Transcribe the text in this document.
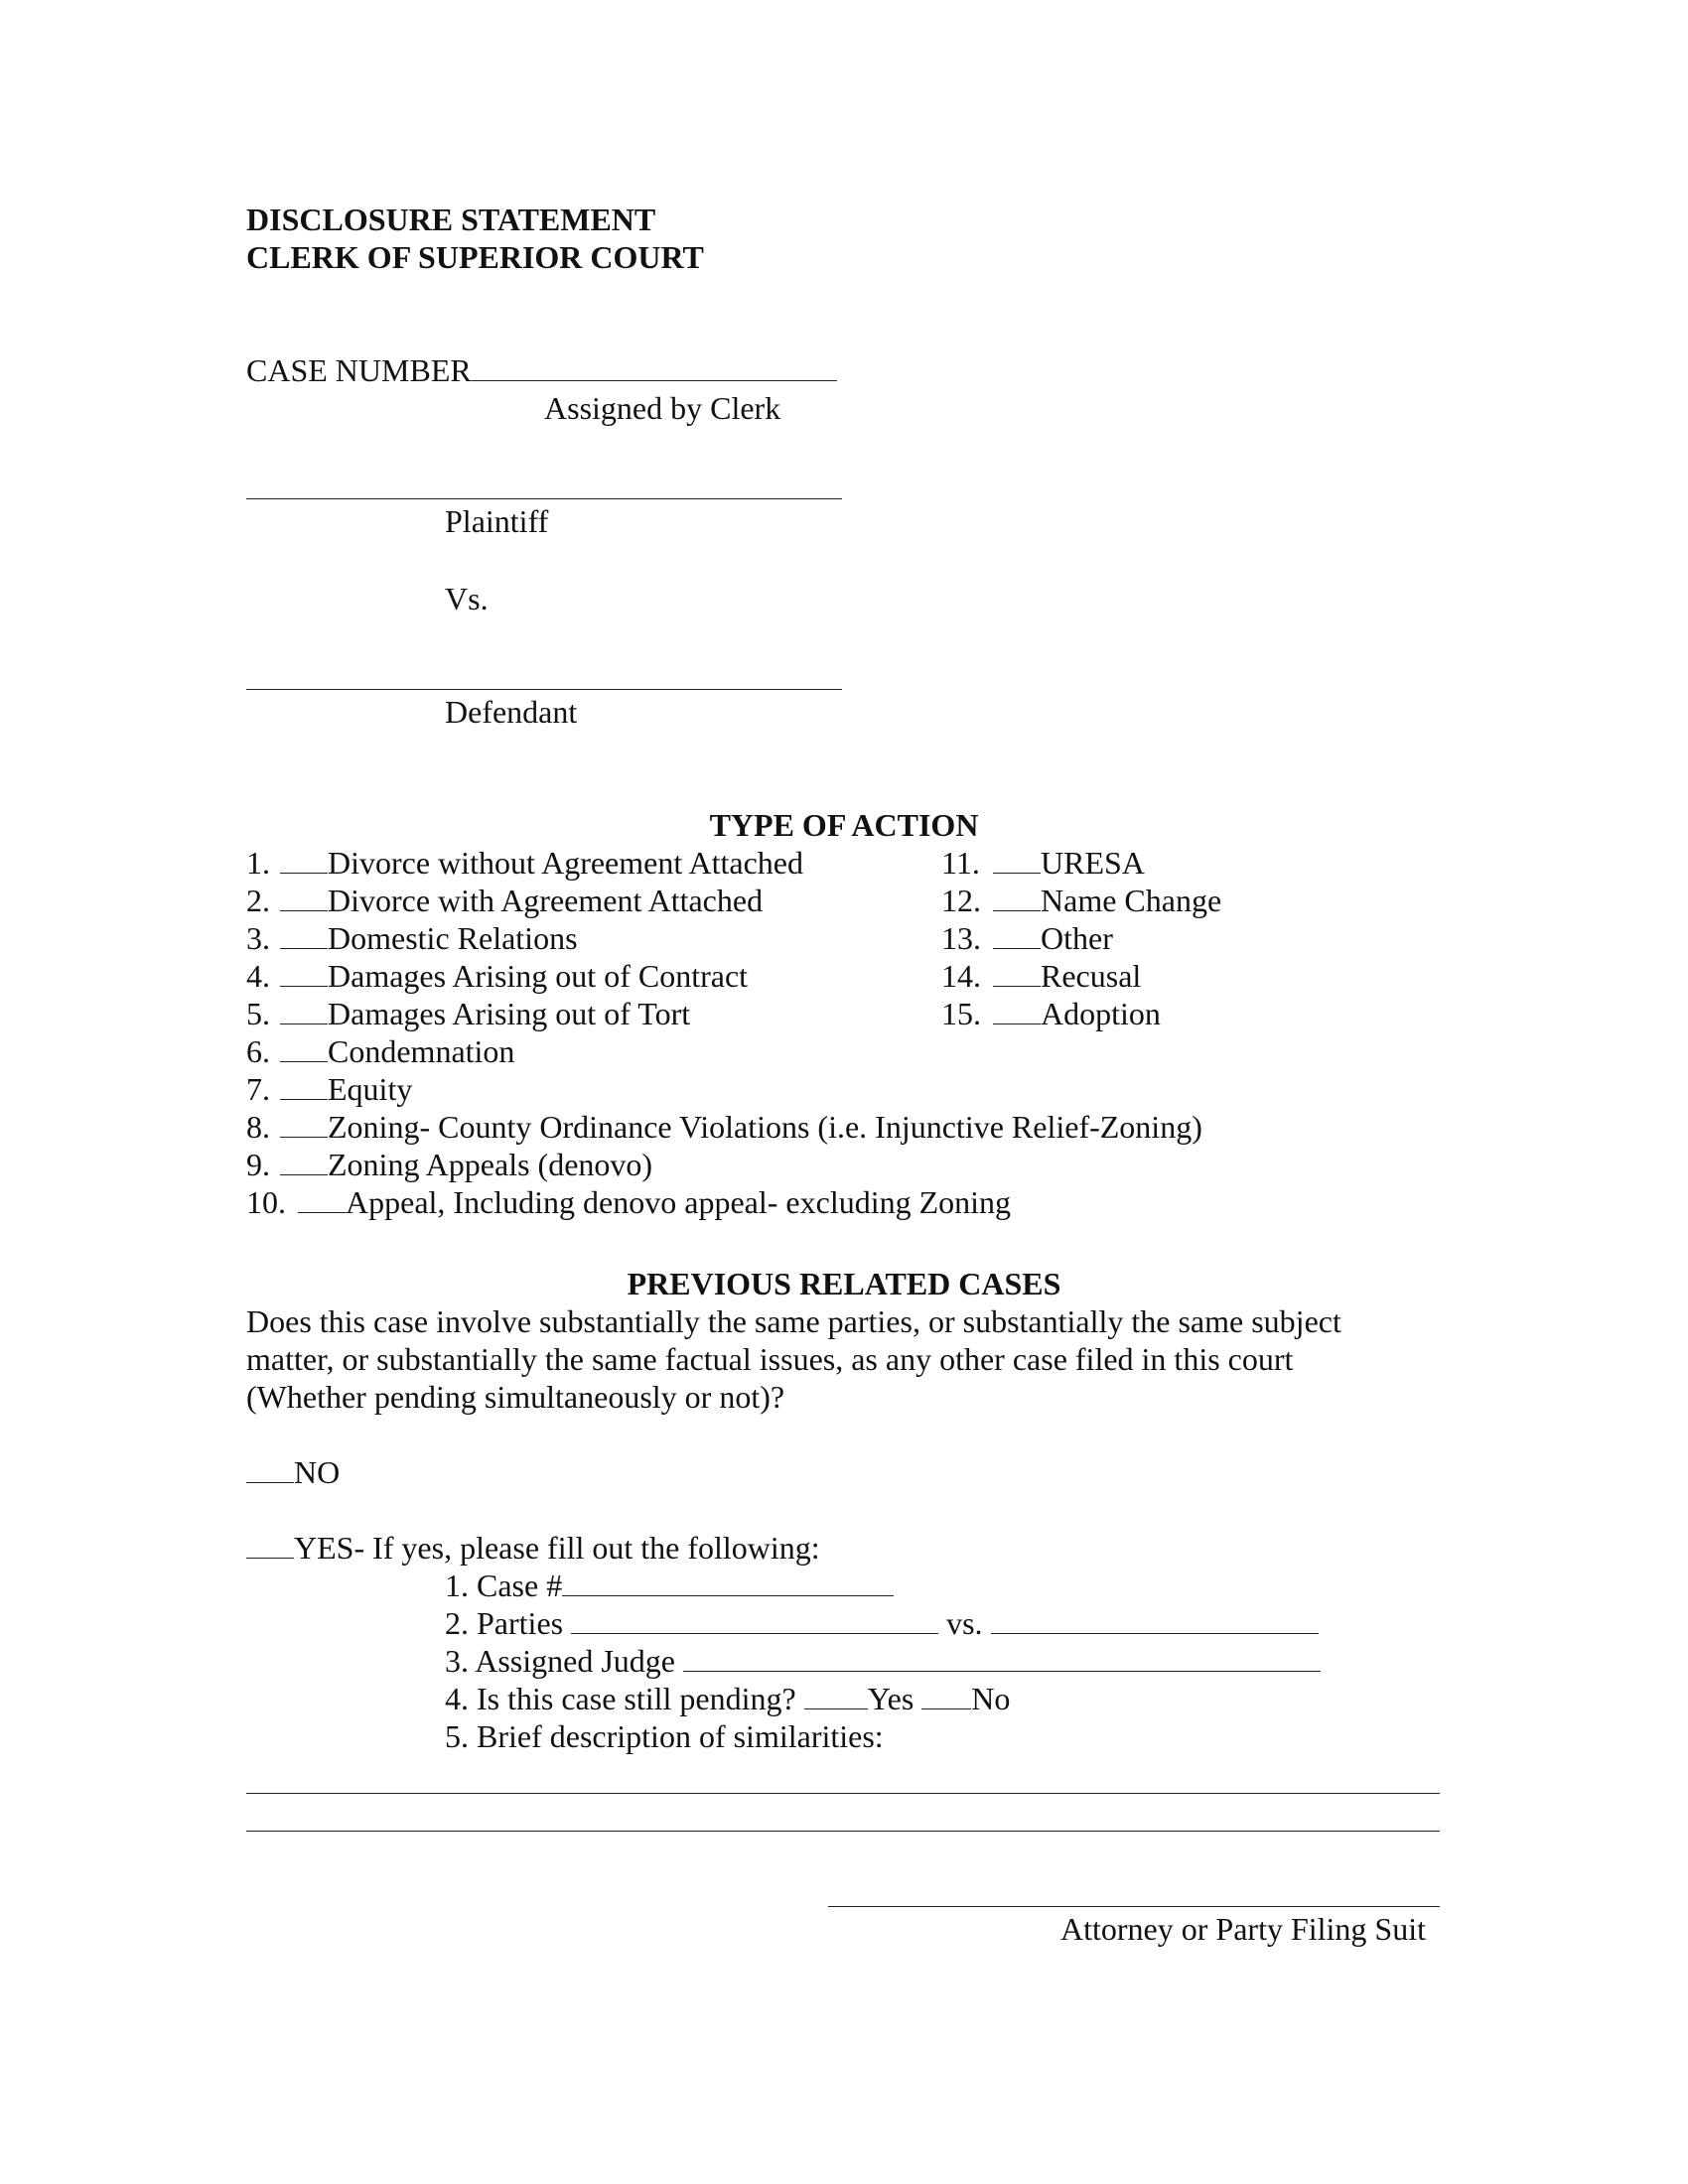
DISCLOSURE STATEMENT
CLERK OF SUPERIOR COURT
CASE NUMBER
Assigned by Clerk
Plaintiff
Vs.
Defendant
TYPE OF ACTION
1. Divorce without Agreement Attached
2. Divorce with Agreement Attached
3. Domestic Relations
4. Damages Arising out of Contract
5. Damages Arising out of Tort
6. Condemnation
7. Equity
8. Zoning- County Ordinance Violations (i.e. Injunctive Relief-Zoning)
9. Zoning Appeals (denovo)
10. Appeal, Including denovo appeal- excluding Zoning
11. URESA
12. Name Change
13. Other
14. Recusal
15. Adoption
PREVIOUS RELATED CASES
Does this case involve substantially the same parties, or substantially the same subject
matter, or substantially the same factual issues, as any other case filed in this court
(Whether pending simultaneously or not)?
NO
YES- If yes, please fill out the following:
1. Case #
2. Parties	vs.
3. Assigned Judge
4. Is this case still pending? Yes No
5. Brief description of similarities:
Attorney or Party Filing Suit
